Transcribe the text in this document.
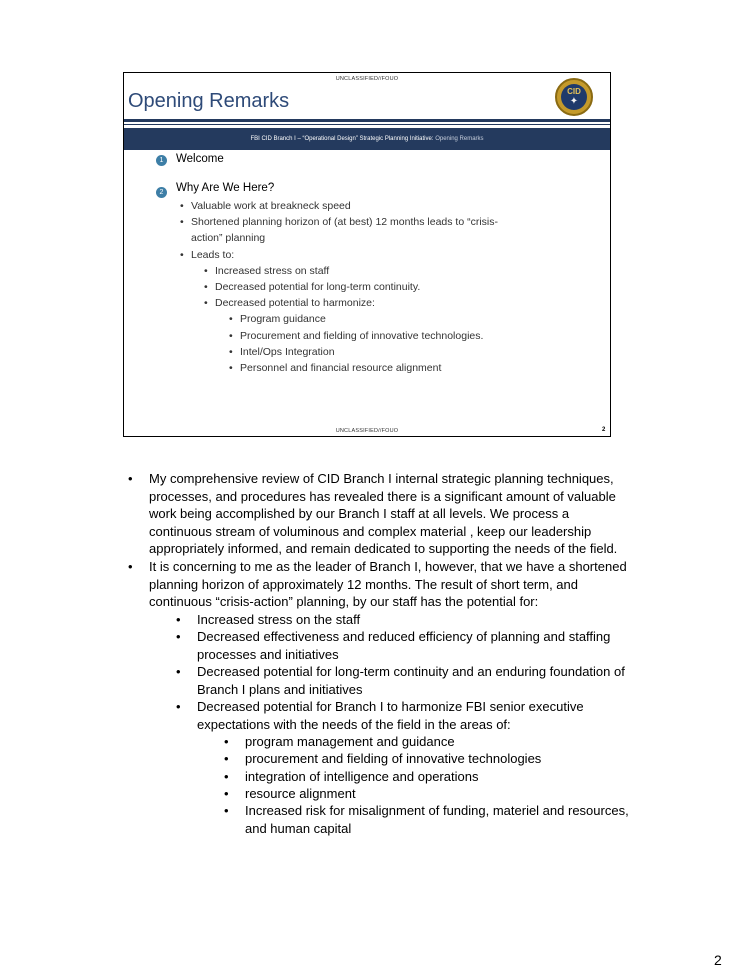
UNCLASSIFIED//FOUO
Opening Remarks	CID
✦
FBI CID Branch I – “Operational Design” Strategic Planning Initiative: Opening Remarks
1	Welcome
2	Why Are We Here?
• Valuable work at breakneck speed
• Shortened planning horizon of (at best) 12 months leads to “crisis-
action” planning
• Leads to:
• Increased stress on staff
• Decreased potential for long-term continuity.
• Decreased potential to harmonize:
• Program guidance
• Procurement and fielding of innovative technologies.
• Intel/Ops Integration
• Personnel and financial resource alignment
UNCLASSIFIED//FOUO	2
• My comprehensive review of CID Branch I internal strategic planning techniques,
processes, and procedures has revealed there is a significant amount of valuable
work being accomplished by our Branch I staff at all levels. We process a
continuous stream of voluminous and complex material , keep our leadership
appropriately informed, and remain dedicated to supporting the needs of the field.
• It is concerning to me as the leader of Branch I, however, that we have a shortened
planning horizon of approximately 12 months. The result of short term, and
continuous “crisis-action” planning, by our staff has the potential for:
• Increased stress on the staff
• Decreased effectiveness and reduced efficiency of planning and staffing
processes and initiatives
• Decreased potential for long-term continuity and an enduring foundation of
Branch I plans and initiatives
• Decreased potential for Branch I to harmonize FBI senior executive
expectations with the needs of the field in the areas of:
• program management and guidance
• procurement and fielding of innovative technologies
• integration of intelligence and operations
• resource alignment
• Increased risk for misalignment of funding, materiel and resources,
and human capital
2
